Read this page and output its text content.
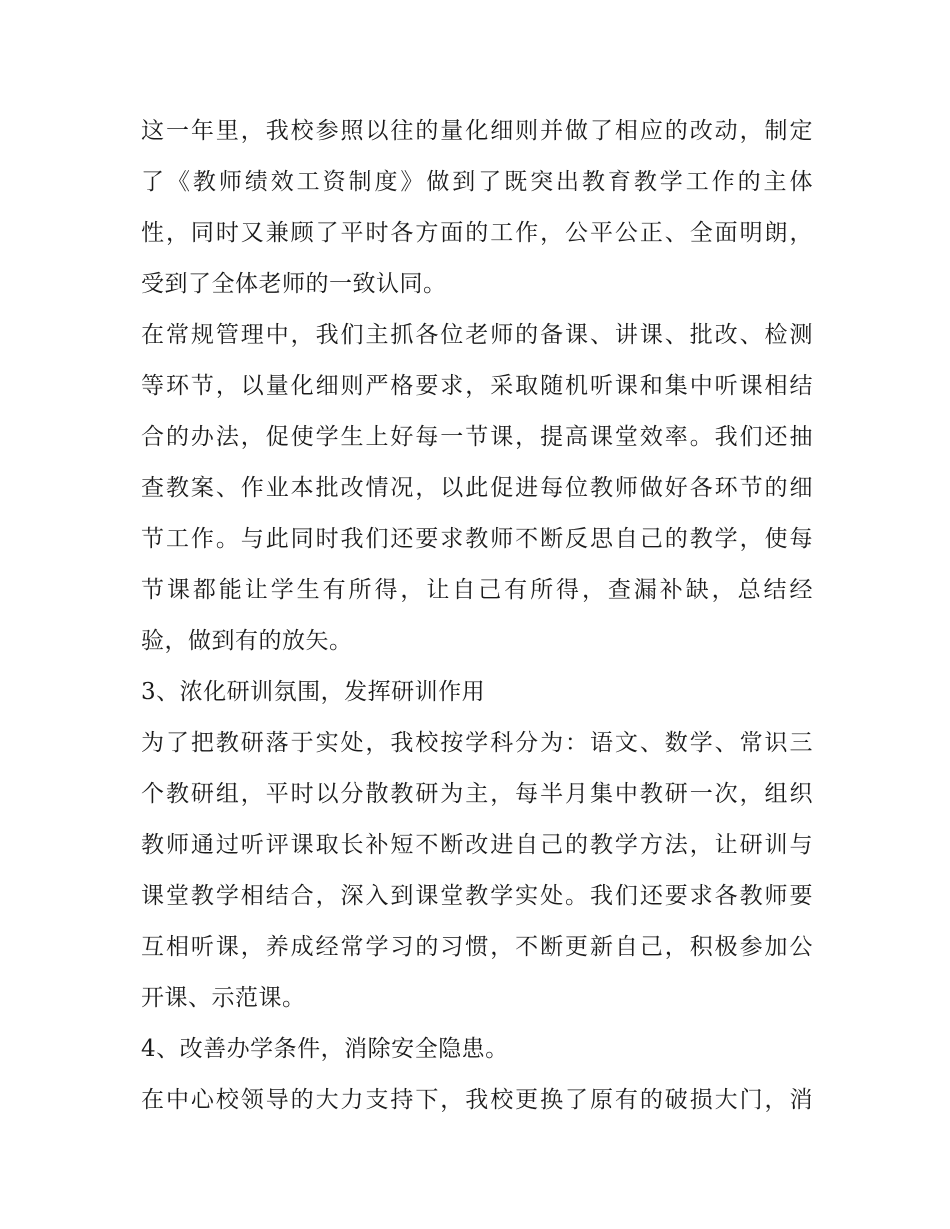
这一年里，我校参照以往的量化细则并做了相应的改动，制定
了《教师绩效工资制度》做到了既突出教育教学工作的主体
性，同时又兼顾了平时各方面的工作，公平公正、全面明朗，
受到了全体老师的一致认同。
在常规管理中，我们主抓各位老师的备课、讲课、批改、检测
等环节，以量化细则严格要求，采取随机听课和集中听课相结
合的办法，促使学生上好每一节课，提高课堂效率。我们还抽
查教案、作业本批改情况，以此促进每位教师做好各环节的细
节工作。与此同时我们还要求教师不断反思自己的教学，使每
节课都能让学生有所得，让自己有所得，查漏补缺，总结经
验，做到有的放矢。
3、浓化研训氛围，发挥研训作用
为了把教研落于实处，我校按学科分为：语文、数学、常识三
个教研组，平时以分散教研为主，每半月集中教研一次，组织
教师通过听评课取长补短不断改进自己的教学方法，让研训与
课堂教学相结合，深入到课堂教学实处。我们还要求各教师要
互相听课，养成经常学习的习惯，不断更新自己，积极参加公
开课、示范课。
4、改善办学条件，消除安全隐患。
在中心校领导的大力支持下，我校更换了原有的破损大门，消
